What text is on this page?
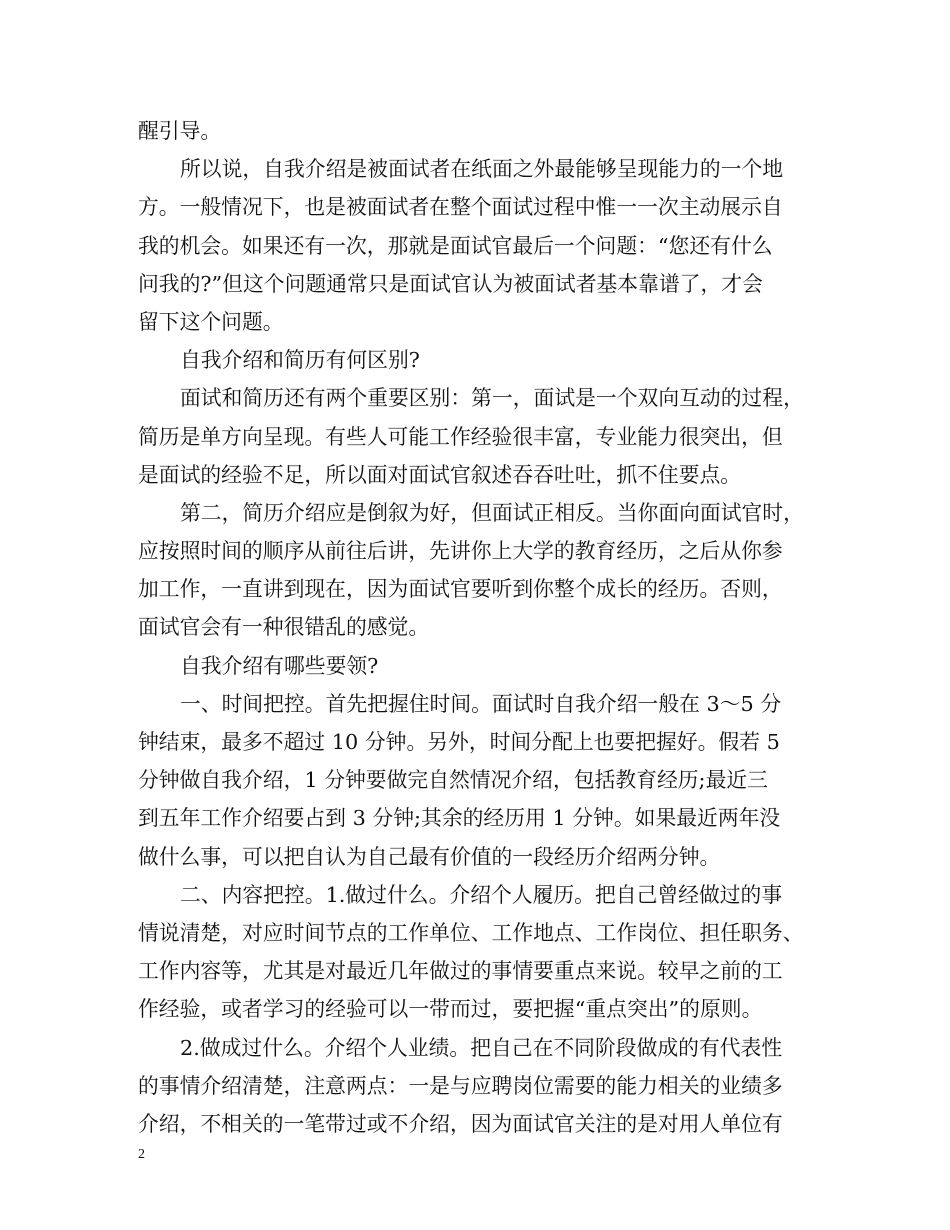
醒引导。
所以说，自我介绍是被面试者在纸面之外最能够呈现能力的一个地
方。一般情况下，也是被面试者在整个面试过程中惟一一次主动展示自
我的机会。如果还有一次，那就是面试官最后一个问题：“您还有什么
问我的?”但这个问题通常只是面试官认为被面试者基本靠谱了，才会
留下这个问题。
自我介绍和简历有何区别?
面试和简历还有两个重要区别：第一，面试是一个双向互动的过程，
简历是单方向呈现。有些人可能工作经验很丰富，专业能力很突出，但
是面试的经验不足，所以面对面试官叙述吞吞吐吐，抓不住要点。
第二，简历介绍应是倒叙为好，但面试正相反。当你面向面试官时，
应按照时间的顺序从前往后讲，先讲你上大学的教育经历，之后从你参
加工作，一直讲到现在，因为面试官要听到你整个成长的经历。否则，
面试官会有一种很错乱的感觉。
自我介绍有哪些要领?
一、时间把控。首先把握住时间。面试时自我介绍一般在 3～5 分
钟结束，最多不超过 10 分钟。另外，时间分配上也要把握好。假若 5
分钟做自我介绍，1 分钟要做完自然情况介绍，包括教育经历;最近三
到五年工作介绍要占到 3 分钟;其余的经历用 1 分钟。如果最近两年没
做什么事，可以把自认为自己最有价值的一段经历介绍两分钟。
二、内容把控。1.做过什么。介绍个人履历。把自己曾经做过的事
情说清楚，对应时间节点的工作单位、工作地点、工作岗位、担任职务、
工作内容等，尤其是对最近几年做过的事情要重点来说。较早之前的工
作经验，或者学习的经验可以一带而过，要把握“重点突出”的原则。
2.做成过什么。介绍个人业绩。把自己在不同阶段做成的有代表性
的事情介绍清楚，注意两点：一是与应聘岗位需要的能力相关的业绩多
介绍，不相关的一笔带过或不介绍，因为面试官关注的是对用人单位有
2
